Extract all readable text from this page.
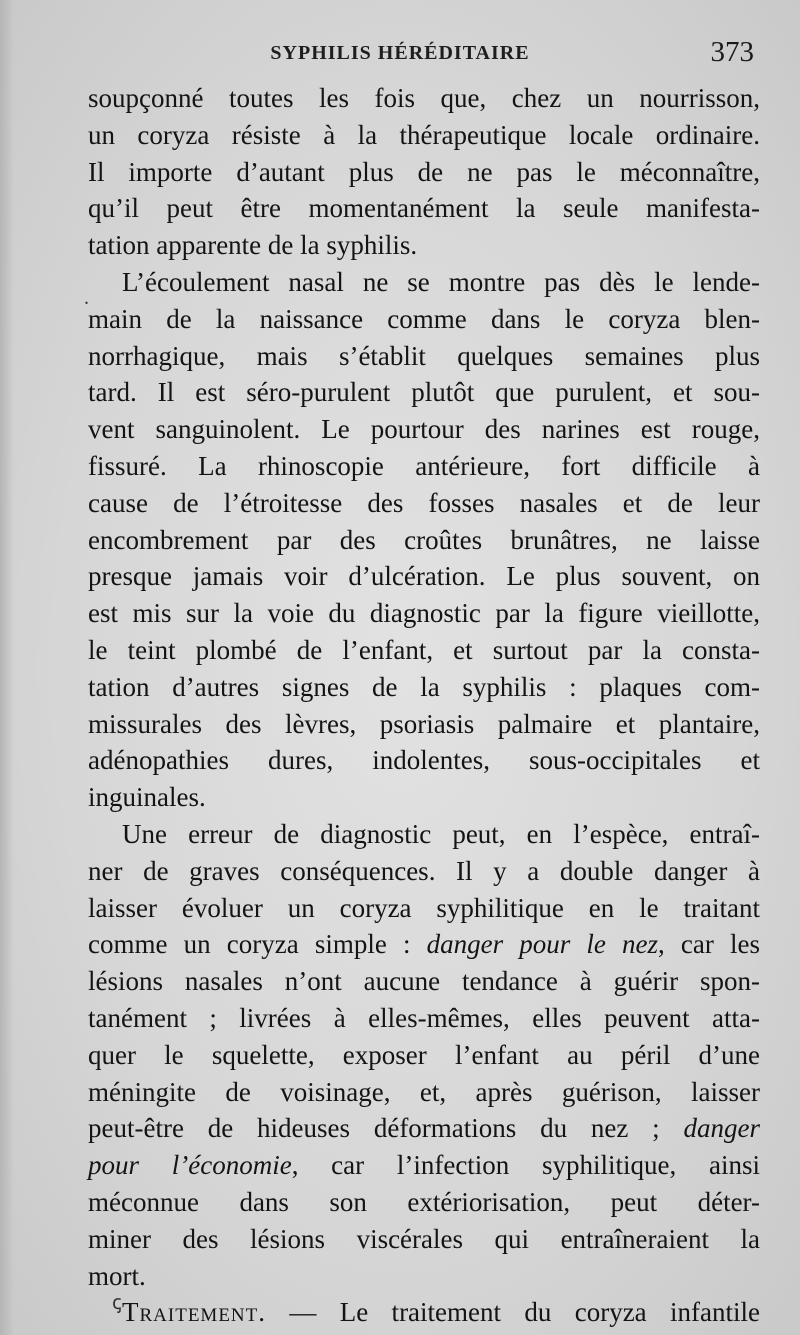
SYPHILIS HÉRÉDITAIRE	373
.
soupçonné toutes les fois que, chez un nourrisson,
un coryza résiste à la thérapeutique locale ordinaire.
Il importe d’autant plus de ne pas le méconnaître,
qu’il peut être momentanément la seule manifesta-
tation apparente de la syphilis.
L’écoulement nasal ne se montre pas dès le lende-
main de la naissance comme dans le coryza blen-
norrhagique, mais s’établit quelques semaines plus
tard. Il est séro-purulent plutôt que purulent, et sou-
vent sanguinolent. Le pourtour des narines est rouge,
fissuré. La rhinoscopie antérieure, fort difficile à
cause de l’étroitesse des fosses nasales et de leur
encombrement par des croûtes brunâtres, ne laisse
presque jamais voir d’ulcération. Le plus souvent, on
est mis sur la voie du diagnostic par la figure vieillotte,
le teint plombé de l’enfant, et surtout par la consta-
tation d’autres signes de la syphilis : plaques com-
missurales des lèvres, psoriasis palmaire et plantaire,
adénopathies dures, indolentes, sous-occipitales et
inguinales.
Une erreur de diagnostic peut, en l’espèce, entraî-
ner de graves conséquences. Il y a double danger à
laisser évoluer un coryza syphilitique en le traitant
comme un coryza simple : danger pour le nez, car les
lésions nasales n’ont aucune tendance à guérir spon-
tanément ; livrées à elles-mêmes, elles peuvent atta-
quer le squelette, exposer l’enfant au péril d’une
méningite de voisinage, et, après guérison, laisser
peut-être de hideuses déformations du nez ; danger
pour l’économie, car l’infection syphilitique, ainsi
méconnue dans son extériorisation, peut déter-
miner des lésions viscérales qui entraîneraient la
mort.
Traitement. — Le traitement du coryza infantile
ꞔ
